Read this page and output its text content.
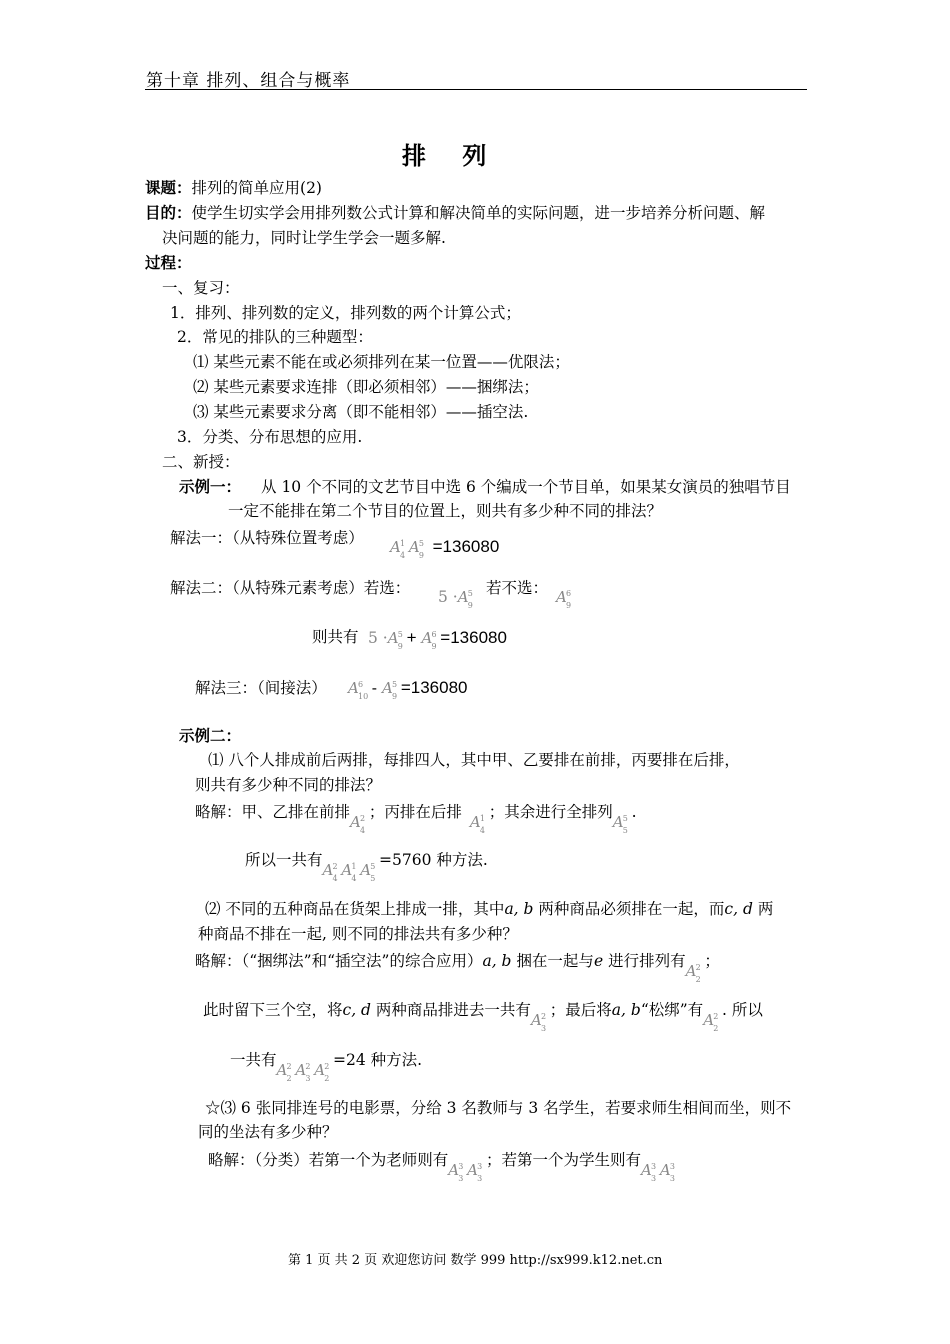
第十章 排列、组合与概率
排 列
课题：排列的简单应用(2)
目的：使学生切实学会用排列数公式计算和解决简单的实际问题，进一步培养分析问题、解
决问题的能力，同时让学生学会一题多解.
过程：
一、复习：
1．排列、排列数的定义，排列数的两个计算公式；
2．常见的排队的三种题型：
⑴ 某些元素不能在或必须排列在某一位置——优限法；
⑵ 某些元素要求连排（即必须相邻）——捆绑法；
⑶ 某些元素要求分离（即不能相邻）——插空法.
3．分类、分布思想的应用.
二、新授：
示例一： 从 10 个不同的文艺节目中选 6 个编成一个节目单，如果某女演员的独唱节目
一定不能排在第二个节目的位置上，则共有多少种不同的排法？
解法一：（从特殊位置考虑） A 1
4 A 5
9 =136080
解法二：（从特殊元素考虑）若选： 5 ·A 5
9
若不选： A 6
9
则共有 5 ·A 5
9 + A 6
9 =136080
解法三：（间接法） A 6
10 - A 5
9 =136080
示例二：
⑴ 八个人排成前后两排，每排四人，其中甲、乙要排在前排，丙要排在后排，
则共有多少种不同的排法？
略解：甲、乙排在前排A 2
4
；丙排在后排A 1
4
；其余进行全排列A 5
5
.
所以一共有A 2
4 A 1
4 A 5
5
=5760 种方法.
⑵ 不同的五种商品在货架上排成一排，其中a, b 两种商品必须排在一起，而c, d 两
种商品不排在一起, 则不同的排法共有多少种？
略解：（“捆绑法”和“插空法”的综合应用）a, b 捆在一起与e 进行排列有A 2
2
；
此时留下三个空，将c, d 两种商品排进去一共有A 2
3
；最后将a, b“松绑”有A 2
2
. 所以
一共有A 2
2 A 2
3 A 2
2
=24 种方法.
☆⑶ 6 张同排连号的电影票，分给 3 名教师与 3 名学生，若要求师生相间而坐，则不
同的坐法有多少种？
略解：（分类）若第一个为老师则有A 3
3 A 3
3
；若第一个为学生则有A 3
3 A 3
3
第 1 页 共 2 页 欢迎您访问 数学 999 http://sx999.k12.net.cn
